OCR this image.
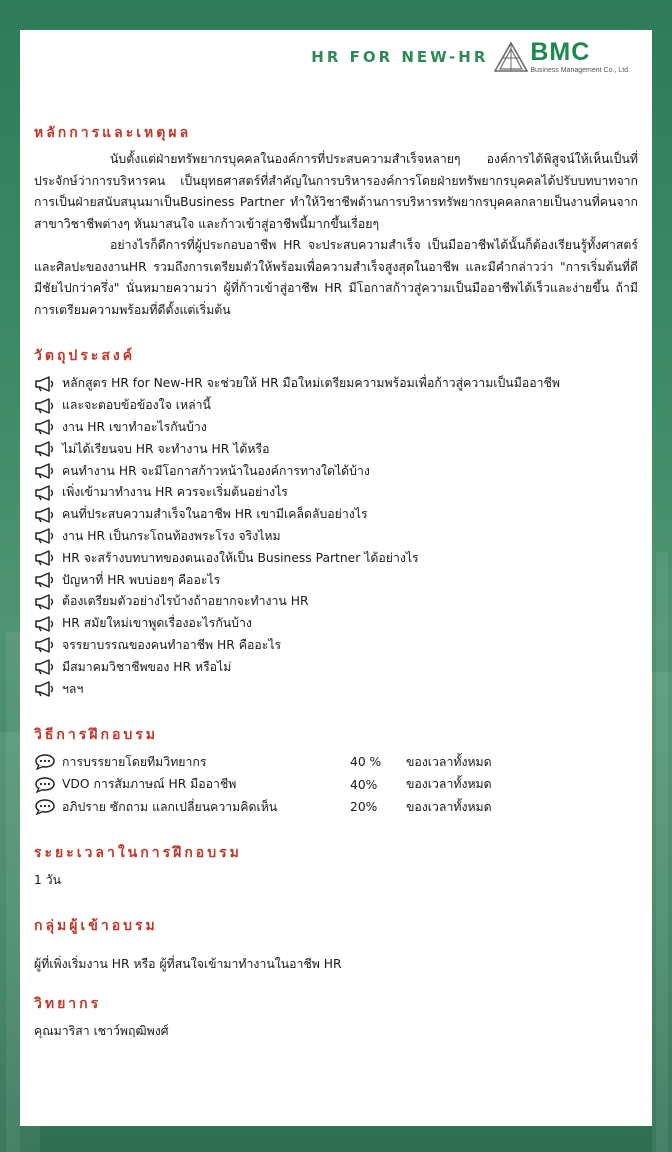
HR FOR NEW-HR BMC
Business Management Co., Ltd.
หลักการและเหตุผล

นับตั้งแต่ฝ่ายทรัพยากรบุคคลในองค์การที่ประสบความสำเร็จหลายๆ องค์การได้พิสูจน์ให้เห็นเป็นที่ประจักษ์ว่าการบริหารคน เป็นยุทธศาสตร์ที่สำคัญในการบริหารองค์การโดยฝ่ายทรัพยากรบุคคลได้ปรับบทบาทจากการเป็นฝ่ายสนับสนุนมาเป็นBusiness Partner ทำให้วิชาชีพด้านการบริหารทรัพยากรบุคคลกลายเป็นงานที่คนจากสาขาวิชาชีพต่างๆ หันมาสนใจ และก้าวเข้าสู่อาชีพนี้มากขึ้นเรื่อยๆ

อย่างไรก็ดีการที่ผู้ประกอบอาชีพ HR จะประสบความสำเร็จ เป็นมืออาชีพได้นั้นก็ต้องเรียนรู้ทั้งศาสตร์และศิลปะของงานHR รวมถึงการเตรียมตัวให้พร้อมเพื่อความสำเร็จสูงสุดในอาชีพ และมีคำกล่าวว่า "การเริ่มต้นที่ดีมีชัยไปกว่าครึ่ง" นั่นหมายความว่า ผู้ที่ก้าวเข้าสู่อาชีพ HR มีโอกาสก้าวสู่ความเป็นมืออาชีพได้เร็วและง่ายขึ้น ถ้ามีการเตรียมความพร้อมที่ดีตั้งแต่เริ่มต้น

วัตถุประสงค์
หลักสูตร HR for New-HR จะช่วยให้ HR มือใหม่เตรียมความพร้อมเพื่อก้าวสู่ความเป็นมืออาชีพ
และจะตอบข้อข้องใจ เหล่านี้
งาน HR เขาทำอะไรกันบ้าง
ไม่ได้เรียนจบ HR จะทำงาน HR ได้หรือ
คนทำงาน HR จะมีโอกาสก้าวหน้าในองค์การทางใดได้บ้าง
เพิ่งเข้ามาทำงาน HR ควรจะเริ่มต้นอย่างไร
คนที่ประสบความสำเร็จในอาชีพ HR เขามีเคล็ดลับอย่างไร
งาน HR เป็นกระโถนท้องพระโรง จริงไหม
HR จะสร้างบทบาทของตนเองให้เป็น Business Partner ได้อย่างไร
ปัญหาที่ HR พบบ่อยๆ คืออะไร
ต้องเตรียมตัวอย่างไรบ้างถ้าอยากจะทำงาน HR
HR สมัยใหม่เขาพูดเรื่องอะไรกันบ้าง
จรรยาบรรณของคนทำอาชีพ HR คืออะไร
มีสมาคมวิชาชีพของ HR หรือไม่
ฯลฯ
วิธีการฝึกอบรม
การบรรยายโดยทีมวิทยากร	40 %	ของเวลาทั้งหมด
VDO การสัมภาษณ์ HR มืออาชีพ	40%	ของเวลาทั้งหมด
อภิปราย ซักถาม แลกเปลี่ยนความคิดเห็น	20%	ของเวลาทั้งหมด
ระยะเวลาในการฝึกอบรม

1 วัน

กลุ่มผู้เข้าอบรม

ผู้ที่เพิ่งเริ่มงาน HR หรือ ผู้ที่สนใจเข้ามาทำงานในอาชีพ HR

วิทยากร

คุณมาริสา เชาว์พฤฒิพงศ์
